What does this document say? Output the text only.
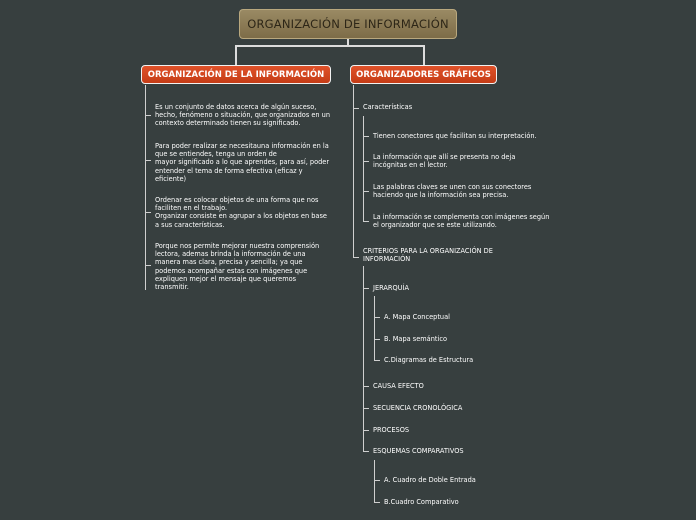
ORGANIZACIÓN DE INFORMACIÓN
ORGANIZACIÓN DE LA INFORMACIÓN	ORGANIZADORES GRÁFICOS
Es un conjunto de datos acerca de algún suceso,
hecho, fenómeno o situación, que organizados en un
contexto determinado tienen su significado.
Para poder realizar se necesitauna información en la
que se entiendes, tenga un orden de
mayor significado a lo que aprendes, para así, poder
entender el tema de forma efectiva (eficaz y
eficiente)
Ordenar es colocar objetos de una forma que nos
faciliten en el trabajo.
Organizar consiste en agrupar a los objetos en base
a sus características.
Porque nos permite mejorar nuestra comprensión
lectora, ademas brinda la información de una
manera mas clara, precisa y sencilla; ya que
podemos acompañar estas con imágenes que
expliquen mejor el mensaje que queremos
transmitir.
Características
Tienen conectores que facilitan su interpretación.
La información que allí se presenta no deja
incógnitas en el lector.
Las palabras claves se unen con sus conectores
haciendo que la información sea precisa.
La información se complementa con imágenes según
el organizador que se este utilizando.
CRITERIOS PARA LA ORGANIZACIÓN DE
INFORMACIÓN
JERARQUÍA
CAUSA EFECTO
SECUENCIA CRONOLÓGICA
PROCESOS
ESQUEMAS COMPARATIVOS
A. Mapa Conceptual
B. Mapa semántico
C.Diagramas de Estructura
A. Cuadro de Doble Entrada
B.Cuadro Comparativo
